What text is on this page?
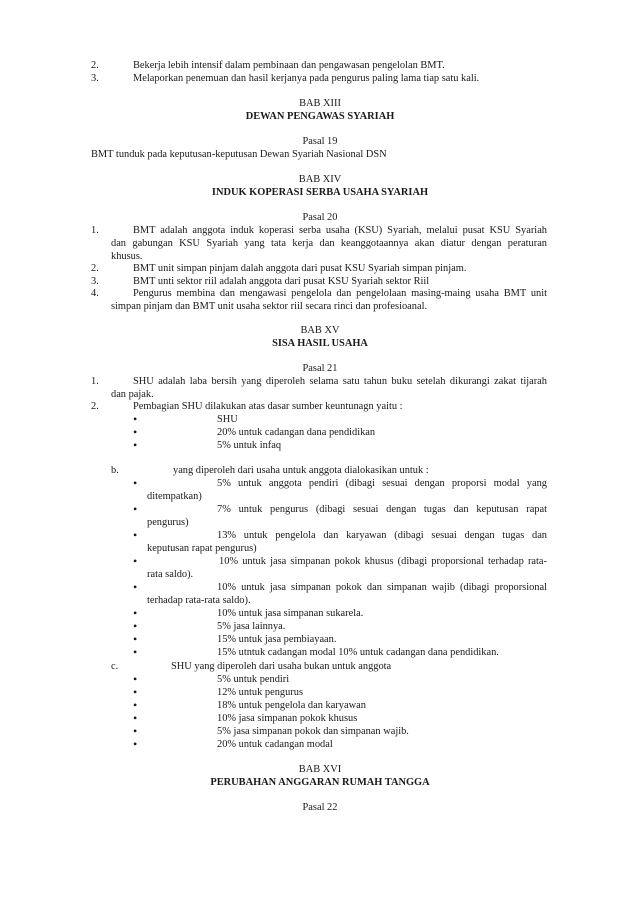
2.	Bekerja lebih intensif dalam pembinaan dan pengawasan pengelolan BMT.
3.	Melaporkan penemuan dan hasil kerjanya pada pengurus paling lama tiap satu kali.
BAB XIII
DEWAN PENGAWAS SYARIAH
Pasal 19
BMT tunduk pada keputusan-keputusan Dewan Syariah Nasional DSN
BAB XIV
INDUK KOPERASI SERBA USAHA SYARIAH
Pasal 20
1.	BMT adalah anggota induk koperasi serba usaha (KSU) Syariah, melalui pusat KSU Syariah
dan gabungan KSU Syariah yang tata kerja dan keanggotaannya akan diatur dengan peraturan
khusus.
2.	BMT unit simpan pinjam dalah anggota dari pusat KSU Syariah simpan pinjam.
3.	BMT unti sektor riil adalah anggota dari pusat KSU Syariah sektor Riil
4.	Pengurus membina dan mengawasi pengelola dan pengelolaan masing-maing usaha BMT unit
simpan pinjam dan BMT unit usaha sektor riil secara rinci dan profesioanal.
BAB XV
SISA HASIL USAHA
Pasal 21
1.	SHU adalah laba bersih yang diperoleh selama satu tahun buku setelah dikurangi zakat tijarah
dan pajak.
2.	Pembagian SHU dilakukan atas dasar sumber keuntunagn yaitu :
•	SHU
•	20% untuk cadangan dana pendidikan
•	5% untuk infaq
b.	yang diperoleh dari usaha untuk anggota dialokasikan untuk :
•	5% untuk anggota pendiri (dibagi sesuai dengan proporsi modal yang
ditempatkan)
•	7% untuk pengurus (dibagi sesuai dengan tugas dan keputusan rapat
pengurus)
•	13% untuk pengelola dan karyawan (dibagi sesuai dengan tugas dan
keputusan rapat pengurus)
•	10% untuk jasa simpanan pokok khusus (dibagi proporsional terhadap rata-
rata saldo).
•	10% untuk jasa simpanan pokok dan simpanan wajib (dibagi proporsional
terhadap rata-rata saldo).
•	10% untuk jasa simpanan sukarela.
•	5% jasa lainnya.
•	15% untuk jasa pembiayaan.
•	15% utntuk cadangan modal 10% untuk cadangan dana pendidikan.
c.	SHU yang diperoleh dari usaha bukan untuk anggota
•	5% untuk pendiri
•	12% untuk pengurus
•	18% untuk pengelola dan karyawan
•	10% jasa simpanan pokok khusus
•	5% jasa simpanan pokok dan simpanan wajib.
•	20% untuk cadangan modal
BAB XVI
PERUBAHAN ANGGARAN RUMAH TANGGA
Pasal 22
